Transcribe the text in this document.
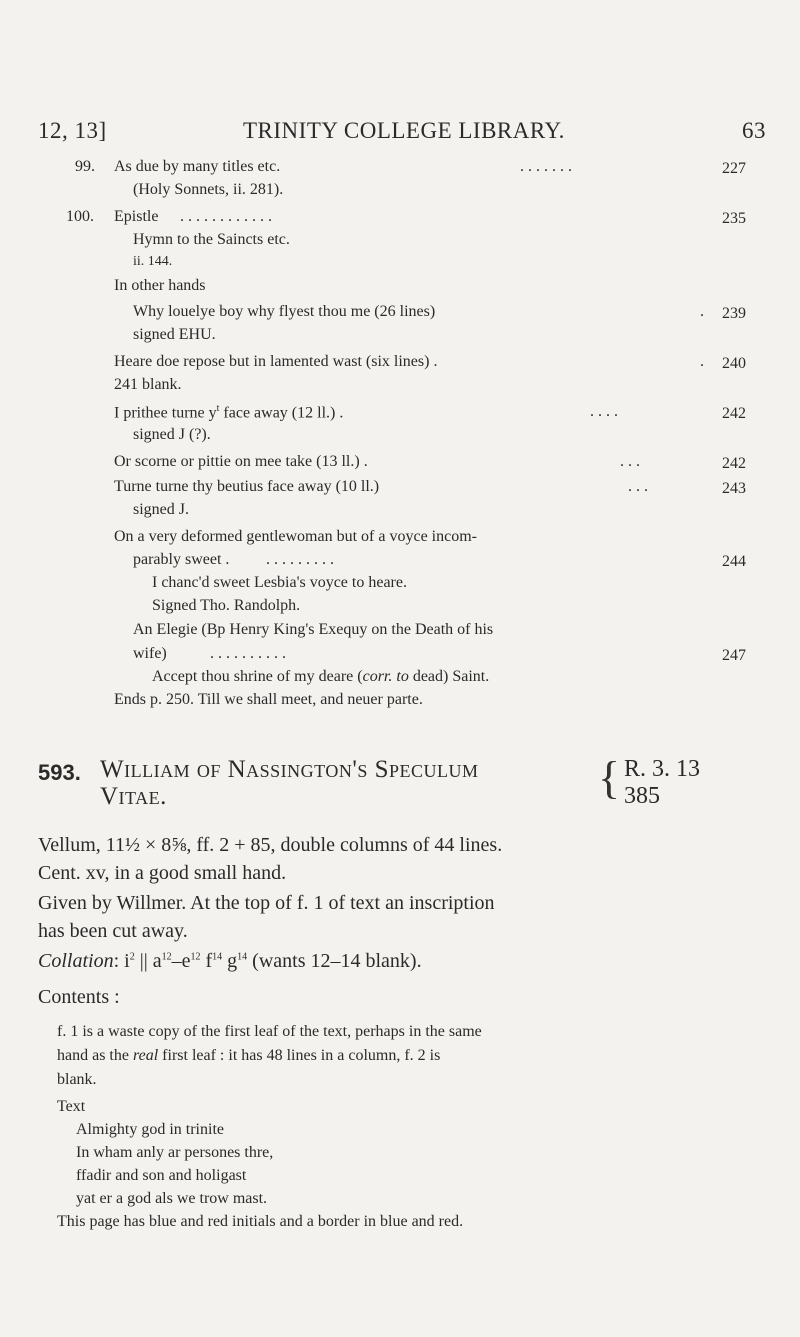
12, 13]	TRINITY COLLEGE LIBRARY.	63
99. As due by many titles etc.	. . . . . . .	227
(Holy Sonnets, ii. 281).
100. Epistle . . . . . . . . . . . .	235
Hymn to the Saincts etc.
ii. 144.
In other hands
Why louelye boy why flyest thou me (26 lines)	. 239
signed EHU.
Heare doe repose but in lamented wast (six lines) .	. 240
241 blank.
I prithee turne $y^t$ face away (12 ll.) .	. . . .	242
signed J (?).
Or scorne or pittie on mee take (13 ll.) .	. . .	242
Turne turne thy beutius face away (10 ll.)	. . .	243
signed J.
On a very deformed gentlewoman but of a voyce incom-
parably sweet . . . . . . . . . .	244
I chanc'd sweet Lesbia's voyce to heare.
Signed Tho. Randolph.
An Elegie (Bp Henry King's Exequy on the Death of his
wife)	. . . . . . . . . .	247
Accept thou shrine of my deare (corr. to dead) Saint.
Ends p. 250. Till we shall meet, and neuer parte.
593. William of Nassington's Speculum
Vitae.	{ R. 3. 13
385
Vellum, 11½ × 8⅝, ff. 2 + 85, double columns of 44 lines.
Cent. xv, in a good small hand.
Given by Willmer. At the top of f. 1 of text an inscription
has been cut away.
Collation: $i^2$ || $a^{12}-e^{12}$ $f^{14}$ $g^{14}$ (wants 12–14 blank).
Contents :
f. 1 is a waste copy of the first leaf of the text, perhaps in the same
hand as the real first leaf : it has 48 lines in a column, f. 2 is
blank.
Text
Almighty god in trinite
In wham anly ar persones thre,
ffadir and son and holigast
yat er a god als we trow mast.
This page has blue and red initials and a border in blue and red.
